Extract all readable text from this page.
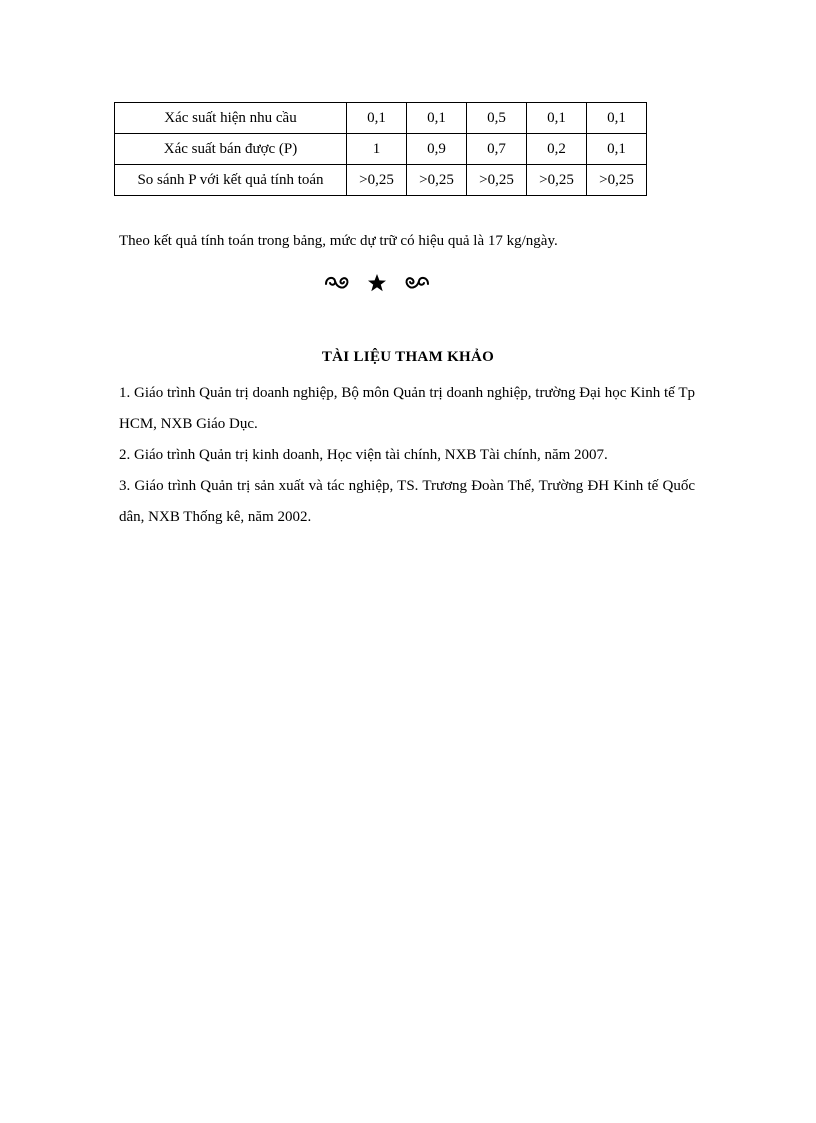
Xác suất hiện nhu cầu	0,1	0,1	0,5	0,1	0,1
Xác suất bán được (P)	1	0,9	0,7	0,2	0,1
So sánh P với kết quả tính toán	>0,25	>0,25	>0,25	>0,25	>0,25
Theo kết quả tính toán trong bảng, mức dự trữ có hiệu quả là 17 kg/ngày.
TÀI LIỆU THAM KHẢO

1. Giáo trình Quản trị doanh nghiệp, Bộ môn Quản trị doanh nghiệp, trường Đại học Kinh tế Tp HCM, NXB Giáo Dục.

2. Giáo trình Quản trị kinh doanh, Học viện tài chính, NXB Tài chính, năm 2007.

3. Giáo trình Quản trị sản xuất và tác nghiệp, TS. Trương Đoàn Thể, Trường ĐH Kinh tế Quốc dân, NXB Thống kê, năm 2002.
